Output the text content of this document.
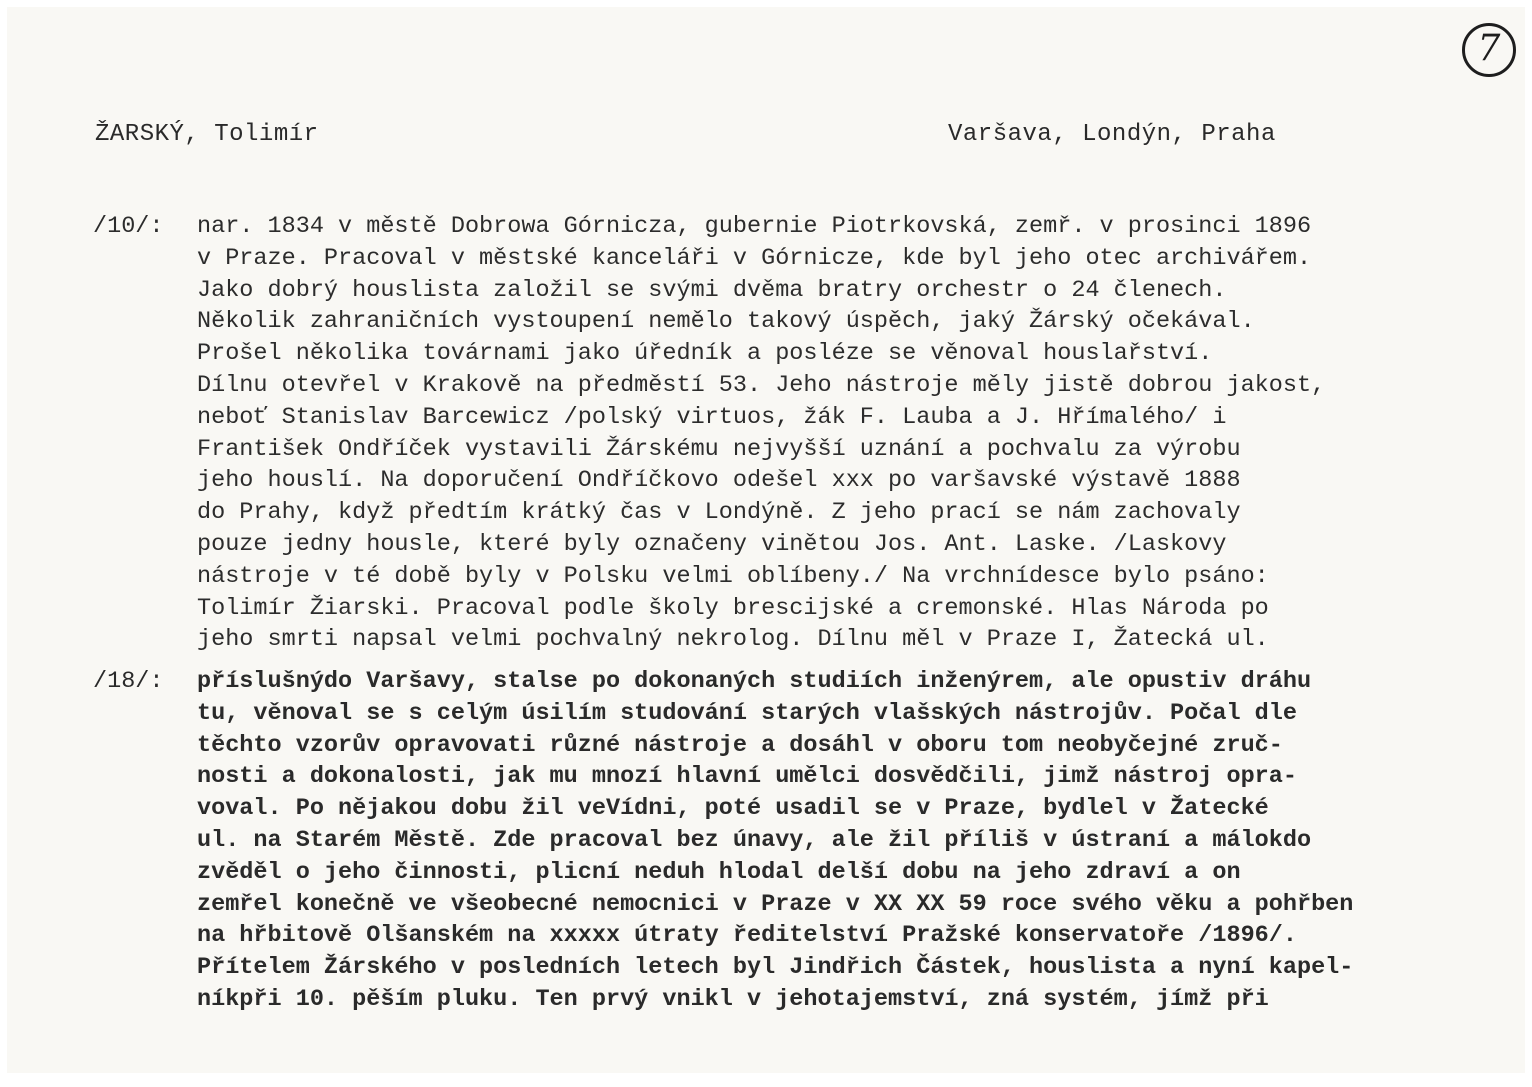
7
ŽARSKÝ, Tolimír	Varšava, Londýn, Praha
/10/:	nar. 1834 v městě Dobrowa Górnicza, gubernie Piotrkovská, zemř. v prosinci 1896
v Praze. Pracoval v městské kanceláři v Górnicze, kde byl jeho otec archivářem.
Jako dobrý houslista založil se svými dvěma bratry orchestr o 24 členech.
Několik zahraničních vystoupení nemělo takový úspěch, jaký Žárský očekával.
Prošel několika továrnami jako úředník a posléze se věnoval houslařství.
Dílnu otevřel v Krakově na předměstí 53. Jeho nástroje měly jistě dobrou jakost,
neboť Stanislav Barcewicz /polský virtuos, žák F. Lauba a J. Hřímalého/ i
František Ondříček vystavili Žárskému nejvyšší uznání a pochvalu za výrobu
jeho houslí. Na doporučení Ondříčkovo odešel xxx po varšavské výstavě 1888
do Prahy, když předtím krátký čas v Londýně. Z jeho prací se nám zachovaly
pouze jedny housle, které byly označeny vinětou Jos. Ant. Laske. /Laskovy
nástroje v té době byly v Polsku velmi oblíbeny./ Na vrchnídesce bylo psáno:
Tolimír Žiarski. Pracoval podle školy brescijské a cremonské. Hlas Národa po
jeho smrti napsal velmi pochvalný nekrolog. Dílnu měl v Praze I, Žatecká ul.
/18/:	příslušnýdo Varšavy, stalse po dokonaných studiích inženýrem, ale opustiv dráhu
tu, věnoval se s celým úsilím studování starých vlašských nástrojův. Počal dle
těchto vzorův opravovati různé nástroje a dosáhl v oboru tom neobyčejné zruč-
nosti a dokonalosti, jak mu mnozí hlavní umělci dosvědčili, jimž nástroj opra-
voval. Po nějakou dobu žil veVídni, poté usadil se v Praze, bydlel v Žatecké
ul. na Starém Městě. Zde pracoval bez únavy, ale žil příliš v ústraní a málokdo
zvěděl o jeho činnosti, plicní neduh hlodal delší dobu na jeho zdraví a on
zemřel konečně ve všeobecné nemocnici v Praze v XX XX 59 roce svého věku a pohřben
na hřbitově Olšanském na xxxxx útraty ředitelství Pražské konservatoře /1896/.
Přítelem Žárského v posledních letech byl Jindřich Částek, houslista a nyní kapel-
níkpři 10. pěším pluku. Ten prvý vnikl v jehotajemství, zná systém, jímž při
